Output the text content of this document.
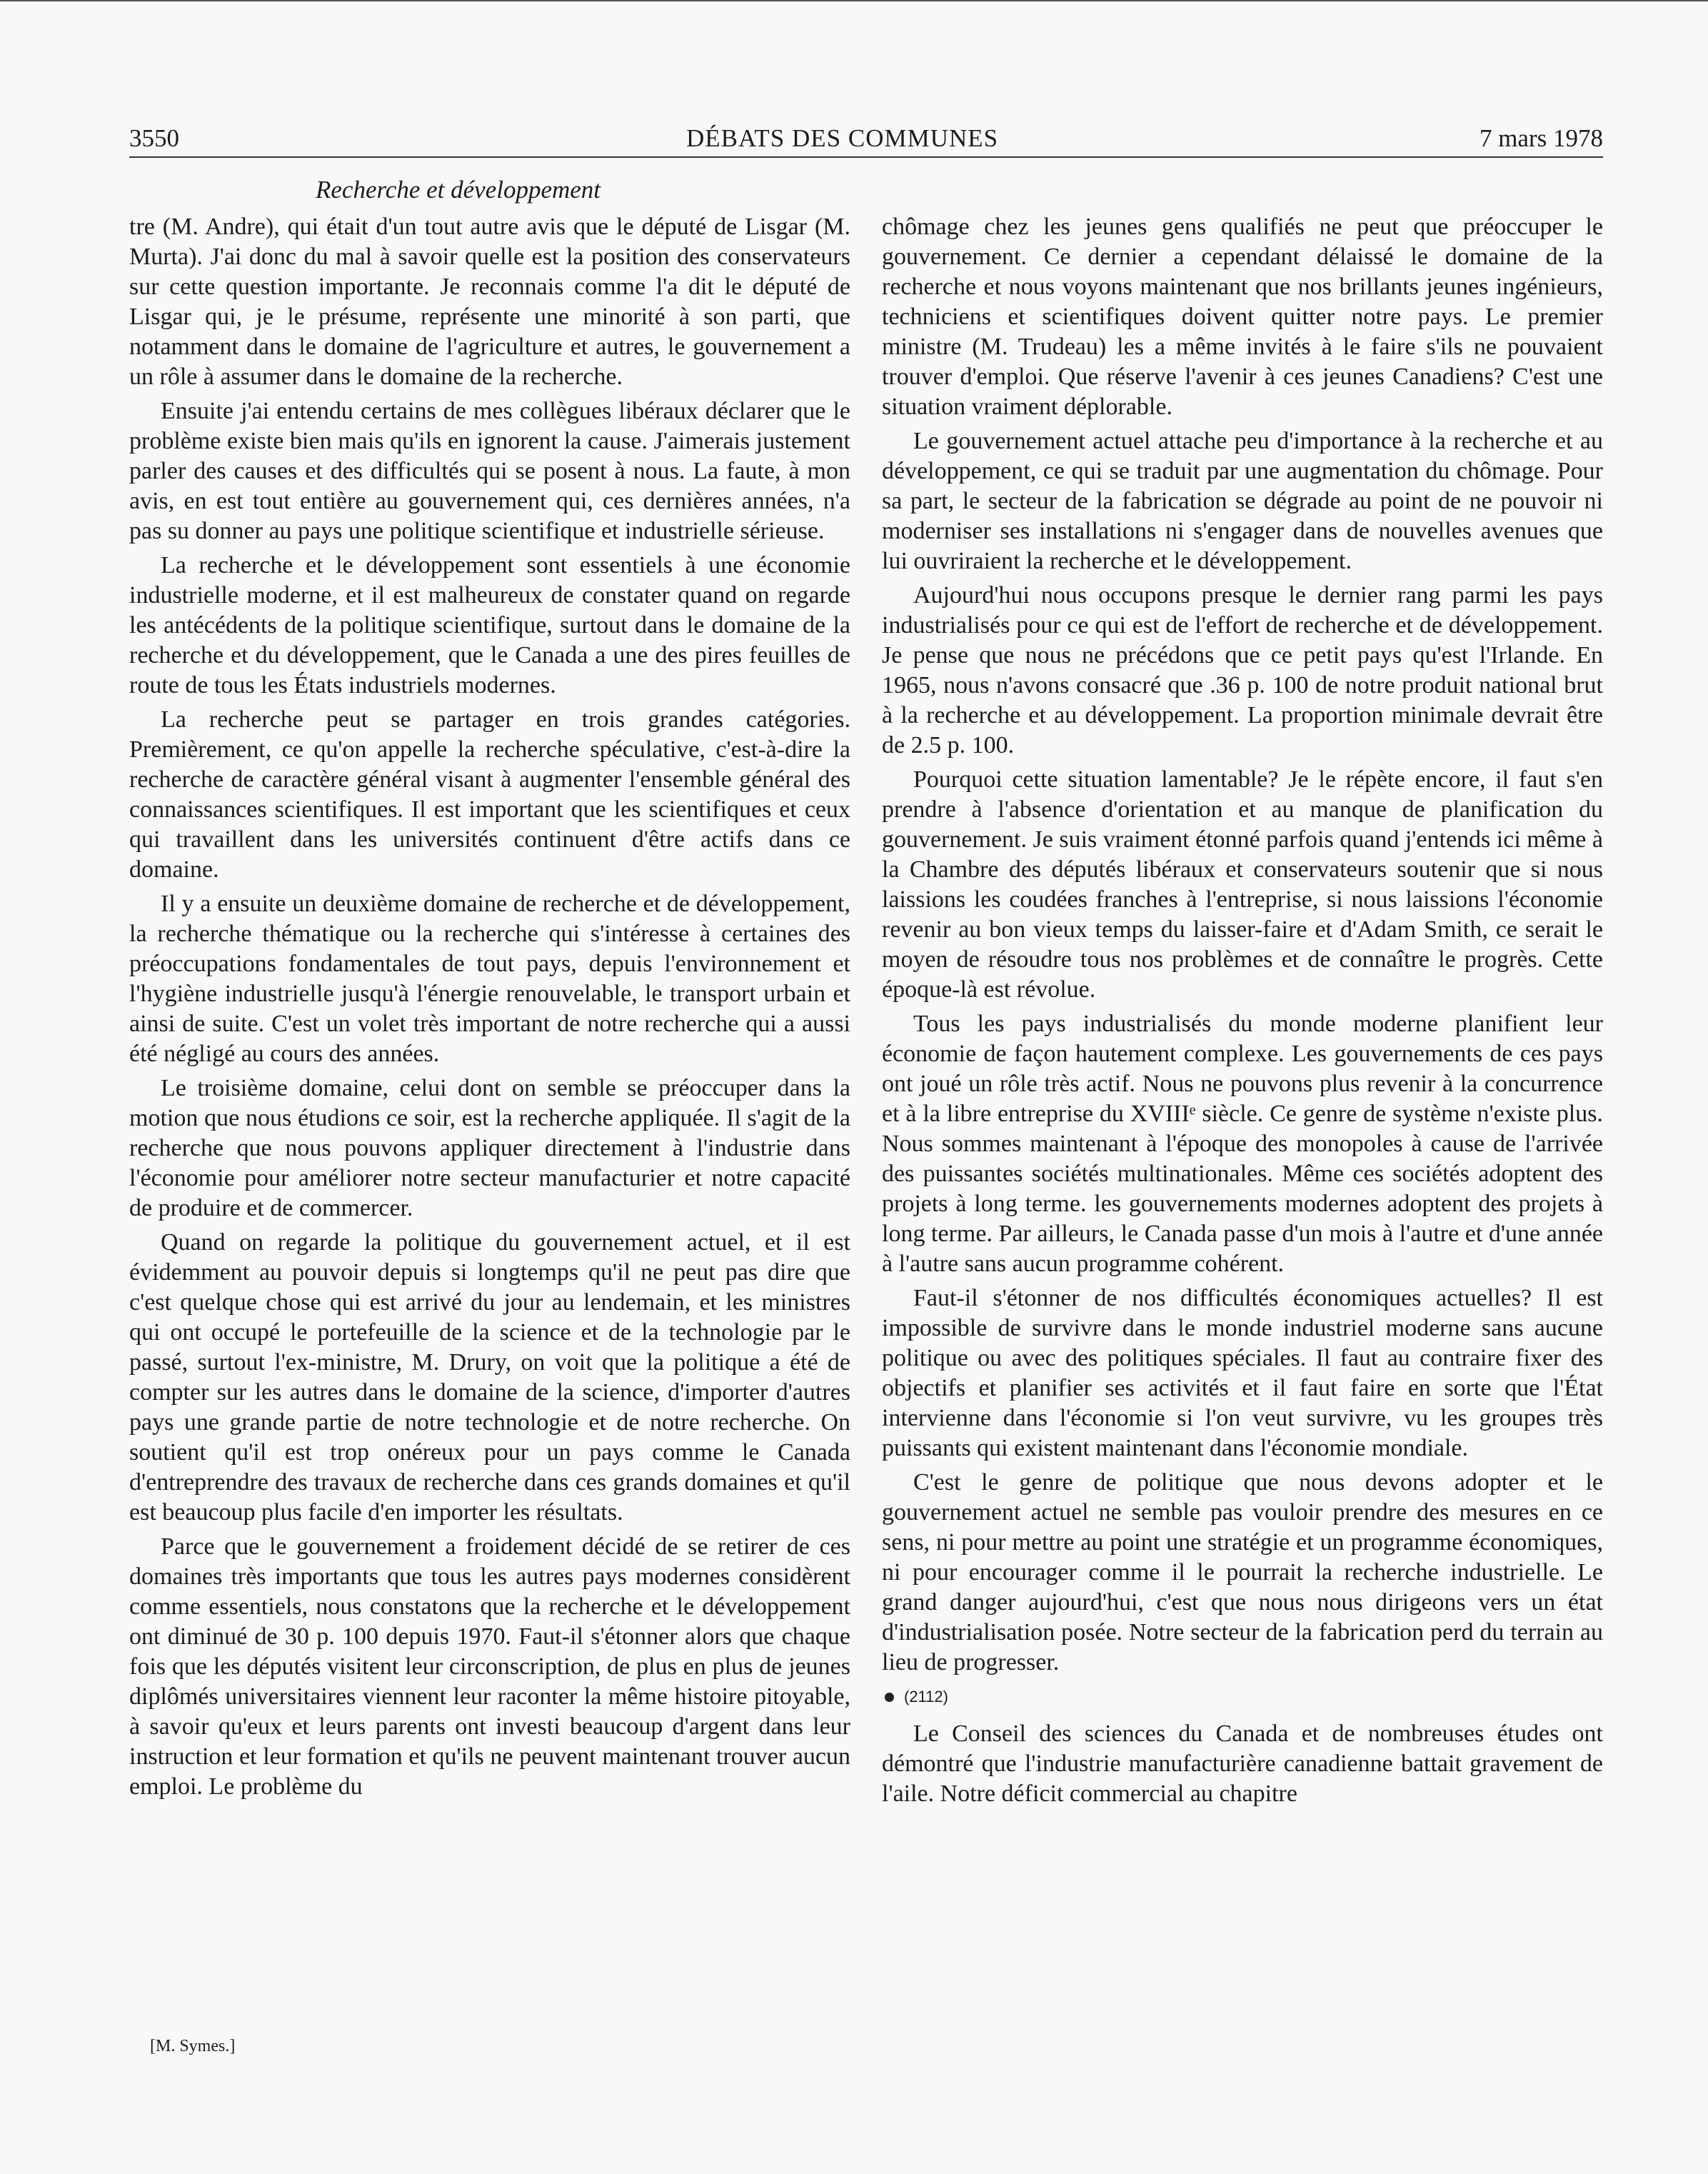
3550	DÉBATS DES COMMUNES	7 mars 1978
Recherche et développement

tre (M. Andre), qui était d'un tout autre avis que le député de Lisgar (M. Murta). J'ai donc du mal à savoir quelle est la position des conservateurs sur cette question importante. Je reconnais comme l'a dit le député de Lisgar qui, je le présume, représente une minorité à son parti, que notamment dans le domaine de l'agriculture et autres, le gouvernement a un rôle à assumer dans le domaine de la recherche.

Ensuite j'ai entendu certains de mes collègues libéraux déclarer que le problème existe bien mais qu'ils en ignorent la cause. J'aimerais justement parler des causes et des difficultés qui se posent à nous. La faute, à mon avis, en est tout entière au gouvernement qui, ces dernières années, n'a pas su donner au pays une politique scientifique et industrielle sérieuse.

La recherche et le développement sont essentiels à une économie industrielle moderne, et il est malheureux de constater quand on regarde les antécédents de la politique scientifique, surtout dans le domaine de la recherche et du développement, que le Canada a une des pires feuilles de route de tous les États industriels modernes.

La recherche peut se partager en trois grandes catégories. Premièrement, ce qu'on appelle la recherche spéculative, c'est-à-dire la recherche de caractère général visant à augmenter l'ensemble général des connaissances scientifiques. Il est important que les scientifiques et ceux qui travaillent dans les universités continuent d'être actifs dans ce domaine.

Il y a ensuite un deuxième domaine de recherche et de développement, la recherche thématique ou la recherche qui s'intéresse à certaines des préoccupations fondamentales de tout pays, depuis l'environnement et l'hygiène industrielle jusqu'à l'énergie renouvelable, le transport urbain et ainsi de suite. C'est un volet très important de notre recherche qui a aussi été négligé au cours des années.

Le troisième domaine, celui dont on semble se préoccuper dans la motion que nous étudions ce soir, est la recherche appliquée. Il s'agit de la recherche que nous pouvons appliquer directement à l'industrie dans l'économie pour améliorer notre secteur manufacturier et notre capacité de produire et de commercer.

Quand on regarde la politique du gouvernement actuel, et il est évidemment au pouvoir depuis si longtemps qu'il ne peut pas dire que c'est quelque chose qui est arrivé du jour au lendemain, et les ministres qui ont occupé le portefeuille de la science et de la technologie par le passé, surtout l'ex-ministre, M. Drury, on voit que la politique a été de compter sur les autres dans le domaine de la science, d'importer d'autres pays une grande partie de notre technologie et de notre recherche. On soutient qu'il est trop onéreux pour un pays comme le Canada d'entreprendre des travaux de recherche dans ces grands domaines et qu'il est beaucoup plus facile d'en importer les résultats.

Parce que le gouvernement a froidement décidé de se retirer de ces domaines très importants que tous les autres pays modernes considèrent comme essentiels, nous constatons que la recherche et le développement ont diminué de 30 p. 100 depuis 1970. Faut-il s'étonner alors que chaque fois que les députés visitent leur circonscription, de plus en plus de jeunes diplômés universitaires viennent leur raconter la même histoire pitoyable, à savoir qu'eux et leurs parents ont investi beaucoup d'argent dans leur instruction et leur formation et qu'ils ne peuvent maintenant trouver aucun emploi. Le problème du

chômage chez les jeunes gens qualifiés ne peut que préoccuper le gouvernement. Ce dernier a cependant délaissé le domaine de la recherche et nous voyons maintenant que nos brillants jeunes ingénieurs, techniciens et scientifiques doivent quitter notre pays. Le premier ministre (M. Trudeau) les a même invités à le faire s'ils ne pouvaient trouver d'emploi. Que réserve l'avenir à ces jeunes Canadiens? C'est une situation vraiment déplorable.

Le gouvernement actuel attache peu d'importance à la recherche et au développement, ce qui se traduit par une augmentation du chômage. Pour sa part, le secteur de la fabrication se dégrade au point de ne pouvoir ni moderniser ses installations ni s'engager dans de nouvelles avenues que lui ouvriraient la recherche et le développement.

Aujourd'hui nous occupons presque le dernier rang parmi les pays industrialisés pour ce qui est de l'effort de recherche et de développement. Je pense que nous ne précédons que ce petit pays qu'est l'Irlande. En 1965, nous n'avons consacré que .36 p. 100 de notre produit national brut à la recherche et au développement. La proportion minimale devrait être de 2.5 p. 100.

Pourquoi cette situation lamentable? Je le répète encore, il faut s'en prendre à l'absence d'orientation et au manque de planification du gouvernement. Je suis vraiment étonné parfois quand j'entends ici même à la Chambre des députés libéraux et conservateurs soutenir que si nous laissions les coudées franches à l'entreprise, si nous laissions l'économie revenir au bon vieux temps du laisser-faire et d'Adam Smith, ce serait le moyen de résoudre tous nos problèmes et de connaître le progrès. Cette époque-là est révolue.

Tous les pays industrialisés du monde moderne planifient leur économie de façon hautement complexe. Les gouvernements de ces pays ont joué un rôle très actif. Nous ne pouvons plus revenir à la concurrence et à la libre entreprise du XVIIIᵉ siècle. Ce genre de système n'existe plus. Nous sommes maintenant à l'époque des monopoles à cause de l'arrivée des puissantes sociétés multinationales. Même ces sociétés adoptent des projets à long terme. les gouvernements modernes adoptent des projets à long terme. Par ailleurs, le Canada passe d'un mois à l'autre et d'une année à l'autre sans aucun programme cohérent.

Faut-il s'étonner de nos difficultés économiques actuelles? Il est impossible de survivre dans le monde industriel moderne sans aucune politique ou avec des politiques spéciales. Il faut au contraire fixer des objectifs et planifier ses activités et il faut faire en sorte que l'État intervienne dans l'économie si l'on veut survivre, vu les groupes très puissants qui existent maintenant dans l'économie mondiale.

C'est le genre de politique que nous devons adopter et le gouvernement actuel ne semble pas vouloir prendre des mesures en ce sens, ni pour mettre au point une stratégie et un programme économiques, ni pour encourager comme il le pourrait la recherche industrielle. Le grand danger aujourd'hui, c'est que nous nous dirigeons vers un état d'industrialisation posée. Notre secteur de la fabrication perd du terrain au lieu de progresser.

(2112)

Le Conseil des sciences du Canada et de nombreuses études ont démontré que l'industrie manufacturière canadienne battait gravement de l'aile. Notre déficit commercial au chapitre

[M. Symes.]
